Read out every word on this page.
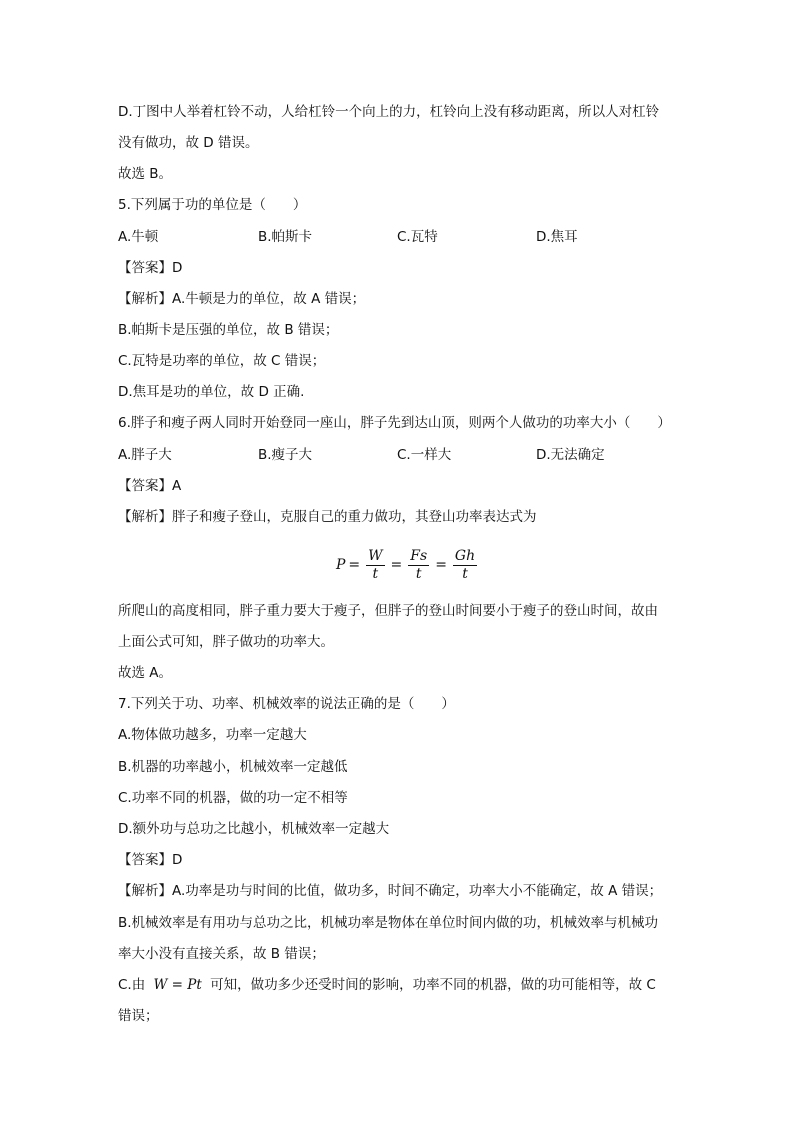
D.丁图中人举着杠铃不动，人给杠铃一个向上的力，杠铃向上没有移动距离，所以人对杠铃
没有做功，故 D 错误。
故选 B。
5.下列属于功的单位是（　　）
A.牛顿	B.帕斯卡	C.瓦特	D.焦耳
【答案】D
【解析】A.牛顿是力的单位，故 A 错误；
B.帕斯卡是压强的单位，故 B 错误；
C.瓦特是功率的单位，故 C 错误；
D.焦耳是功的单位，故 D 正确.
6.胖子和瘦子两人同时开始登同一座山，胖子先到达山顶，则两个人做功的功率大小（　　）
A.胖子大	B.瘦子大	C.一样大	D.无法确定
【答案】A
【解析】胖子和瘦子登山，克服自己的重力做功，其登山功率表达式为
$P = \frac{W}{t} = \frac{Fs}{t} = \frac{Gh}{t}$
所爬山的高度相同，胖子重力要大于瘦子，但胖子的登山时间要小于瘦子的登山时间，故由
上面公式可知，胖子做功的功率大。
故选 A。
7.下列关于功、功率、机械效率的说法正确的是（　　）
A.物体做功越多，功率一定越大
B.机器的功率越小，机械效率一定越低
C.功率不同的机器，做的功一定不相等
D.额外功与总功之比越小，机械效率一定越大
【答案】D
【解析】A.功率是功与时间的比值，做功多，时间不确定，功率大小不能确定，故 A 错误；
B.机械效率是有用功与总功之比，机械功率是物体在单位时间内做的功，机械效率与机械功
率大小没有直接关系，故 B 错误；
C.由 W = Pt 可知，做功多少还受时间的影响，功率不同的机器，做的功可能相等，故 C
错误；
